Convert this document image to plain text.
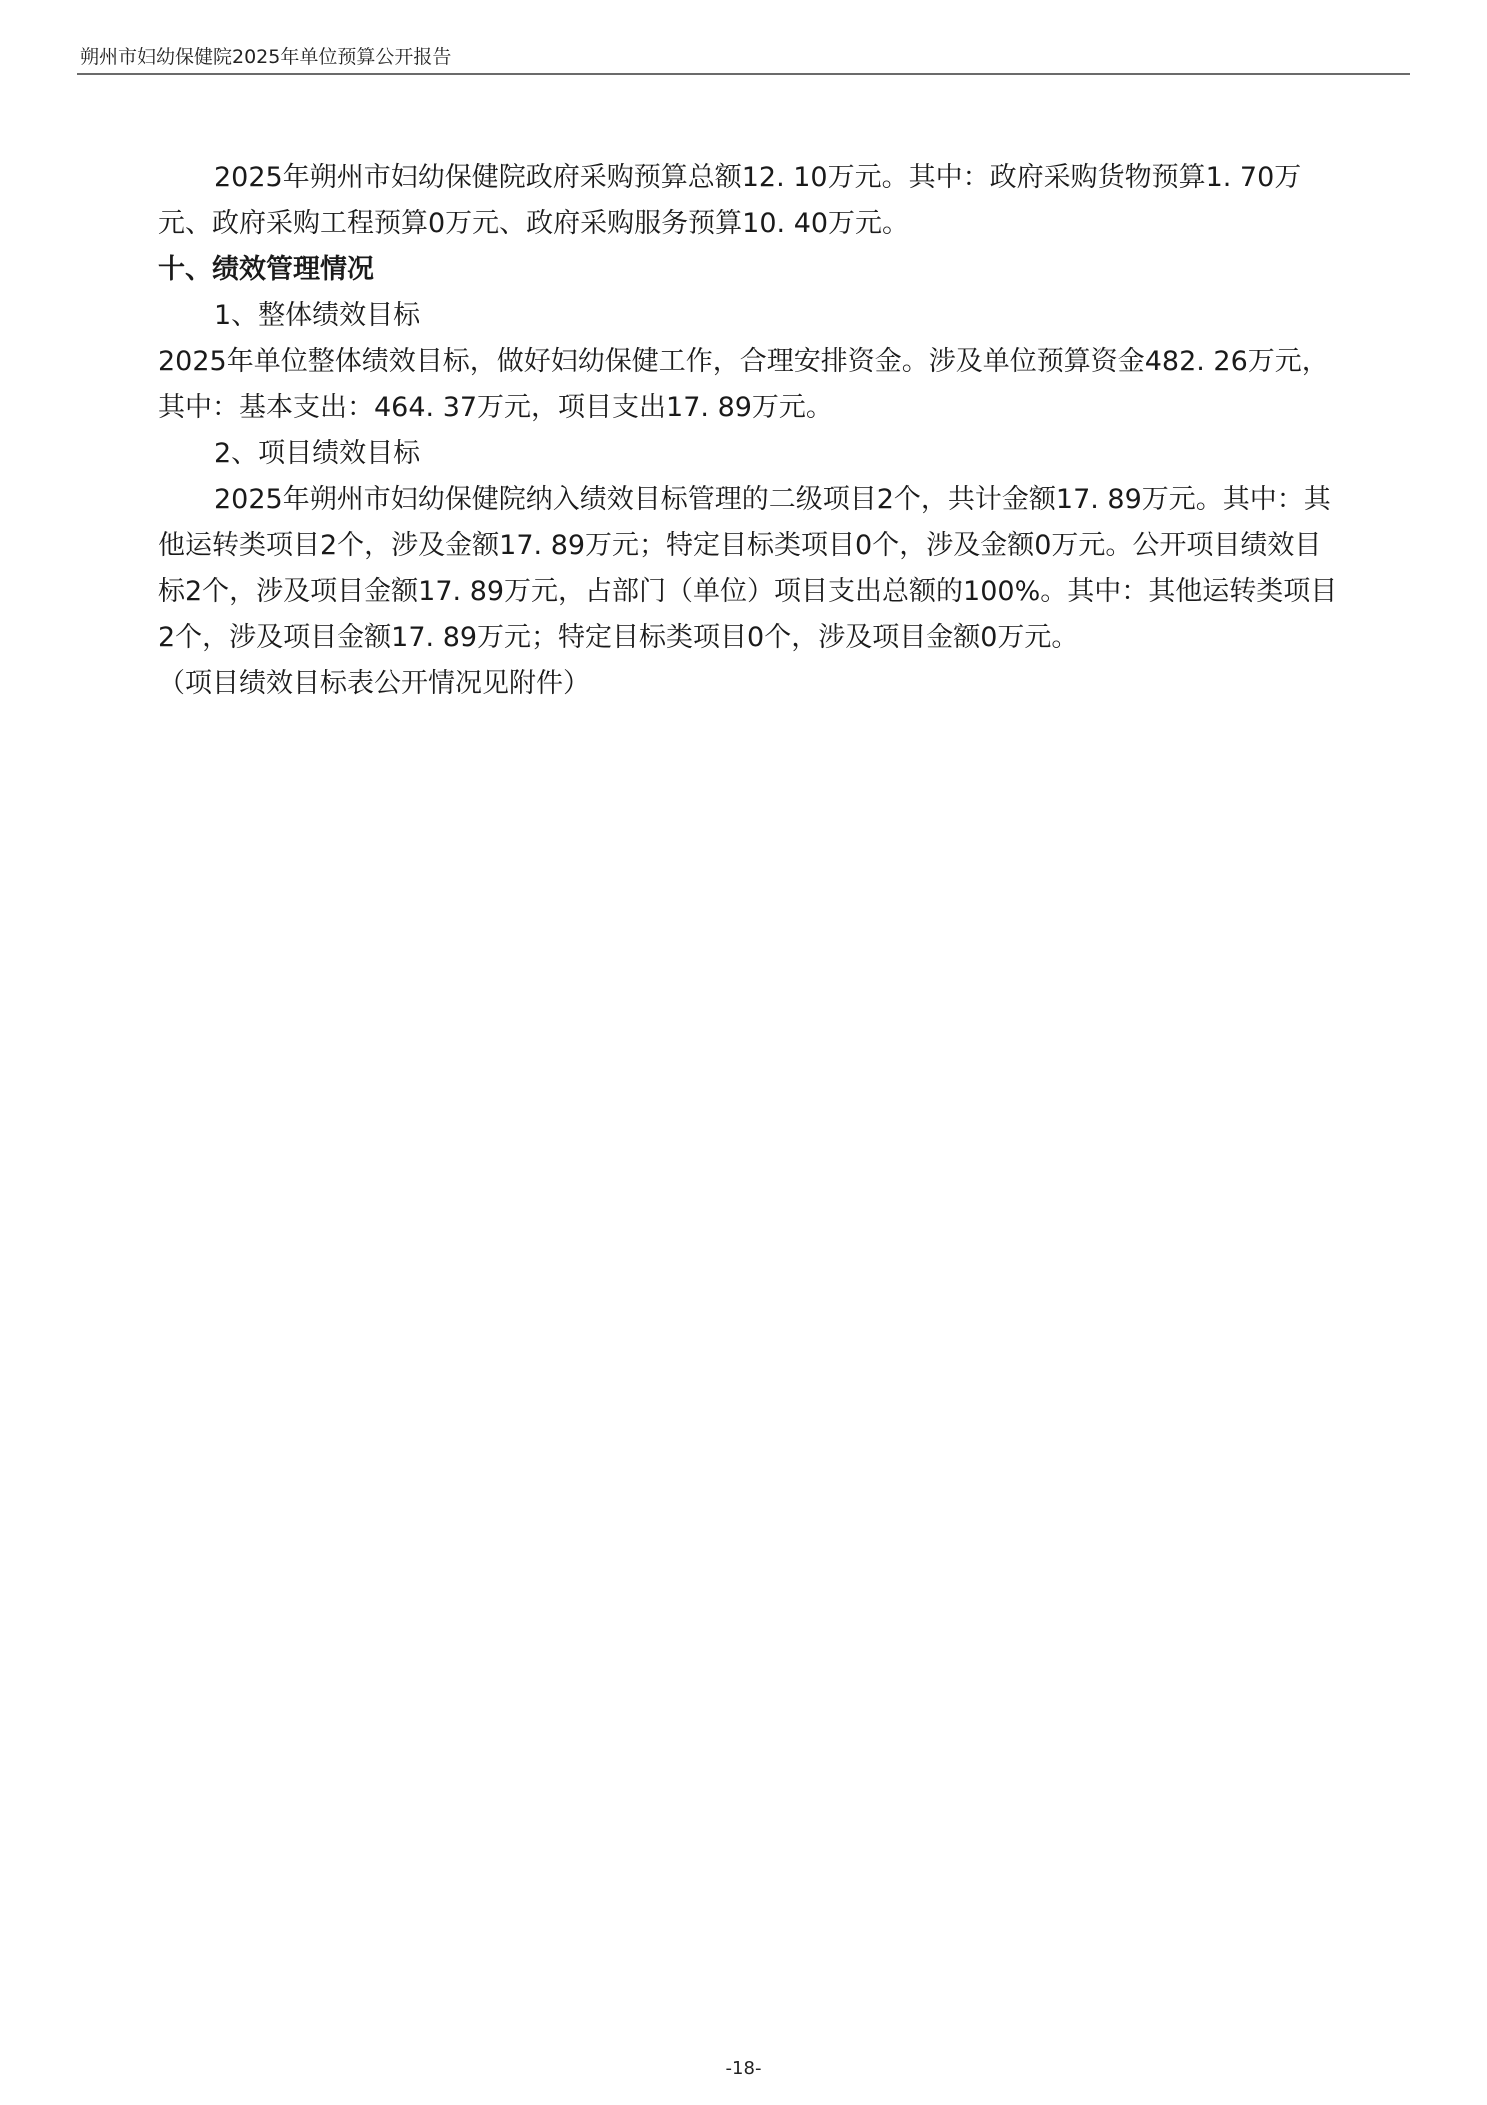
朔州市妇幼保健院2025年单位预算公开报告

2025年朔州市妇幼保健院政府采购预算总额12. 10万元。其中：政府采购货物预算1. 70万元、政府采购工程预算0万元、政府采购服务预算10. 40万元。

十、绩效管理情况

1、整体绩效目标

2025年单位整体绩效目标，做好妇幼保健工作，合理安排资金。涉及单位预算资金482. 26万元，其中：基本支出：464. 37万元，项目支出17. 89万元。

2、项目绩效目标

2025年朔州市妇幼保健院纳入绩效目标管理的二级项目2个，共计金额17. 89万元。其中：其他运转类项目2个，涉及金额17. 89万元；特定目标类项目0个，涉及金额0万元。公开项目绩效目标2个，涉及项目金额17. 89万元，占部门（单位）项目支出总额的100%。其中：其他运转类项目2个，涉及项目金额17. 89万元；特定目标类项目0个，涉及项目金额0万元。

（项目绩效目标表公开情况见附件）

-18-
